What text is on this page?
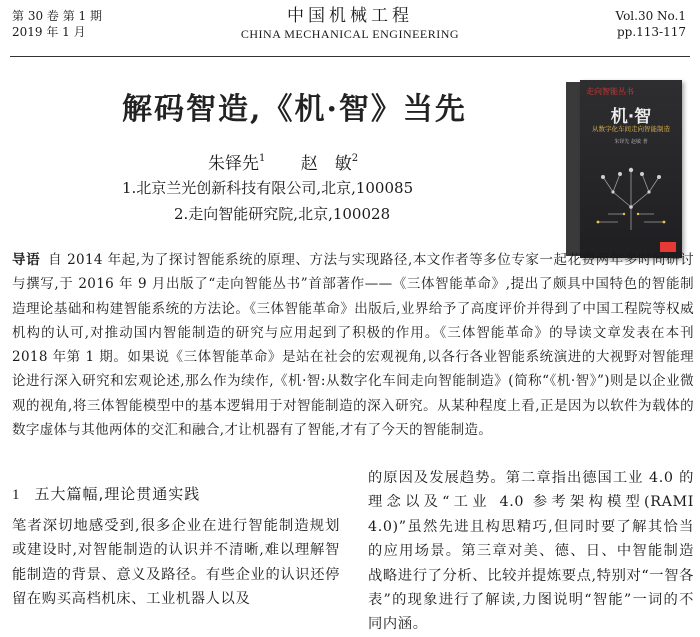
第 30 卷 第 1 期
2019 年 1 月
中国机械工程
CHINA MECHANICAL ENGINEERING
Vol.30 No.1
pp.113-117
解码智造,《机·智》当先
朱铎先$^1$ 赵　敏$^2$
1.北京兰光创新科技有限公司,北京,100085
2.走向智能研究院,北京,100028
走向智能丛书
机·智
从数字化车间走向智能制造
朱铎先 赵敏 著
导语 自 2014 年起,为了探讨智能系统的原理、方法与实现路径,本文作者等多位专家一起花费两年多时间研讨与撰写,于 2016 年 9 月出版了“走向智能丛书”首部著作——《三体智能革命》,提出了颇具中国特色的智能制造理论基础和构建智能系统的方法论。《三体智能革命》出版后,业界给予了高度评价并得到了中国工程院等权威机构的认可,对推动国内智能制造的研究与应用起到了积极的作用。《三体智能革命》的导读文章发表在本刊 2018 年第 1 期。如果说《三体智能革命》是站在社会的宏观视角,以各行各业智能系统演进的大视野对智能理论进行深入研究和宏观论述,那么作为续作,《机·智:从数字化车间走向智能制造》(简称“《机·智》”)则是以企业微观的视角,将三体智能模型中的基本逻辑用于对智能制造的深入研究。从某种程度上看,正是因为以软件为载体的数字虚体与其他两体的交汇和融合,才让机器有了智能,才有了今天的智能制造。
1 五大篇幅,理论贯通实践
笔者深切地感受到,很多企业在进行智能制造规划或建设时,对智能制造的认识并不清晰,难以理解智能制造的背景、意义及路径。有些企业的认识还停留在购买高档机床、工业机器人以及
的原因及发展趋势。第二章指出德国工业 4.0 的理念以及“工业 4.0 参考架构模型(RAMI 4.0)”虽然先进且构思精巧,但同时要了解其恰当的应用场景。第三章对美、德、日、中智能制造战略进行了分析、比较并提炼要点,特别对“一智各表”的现象进行了解读,力图说明“智能”一词的不同内涵。
